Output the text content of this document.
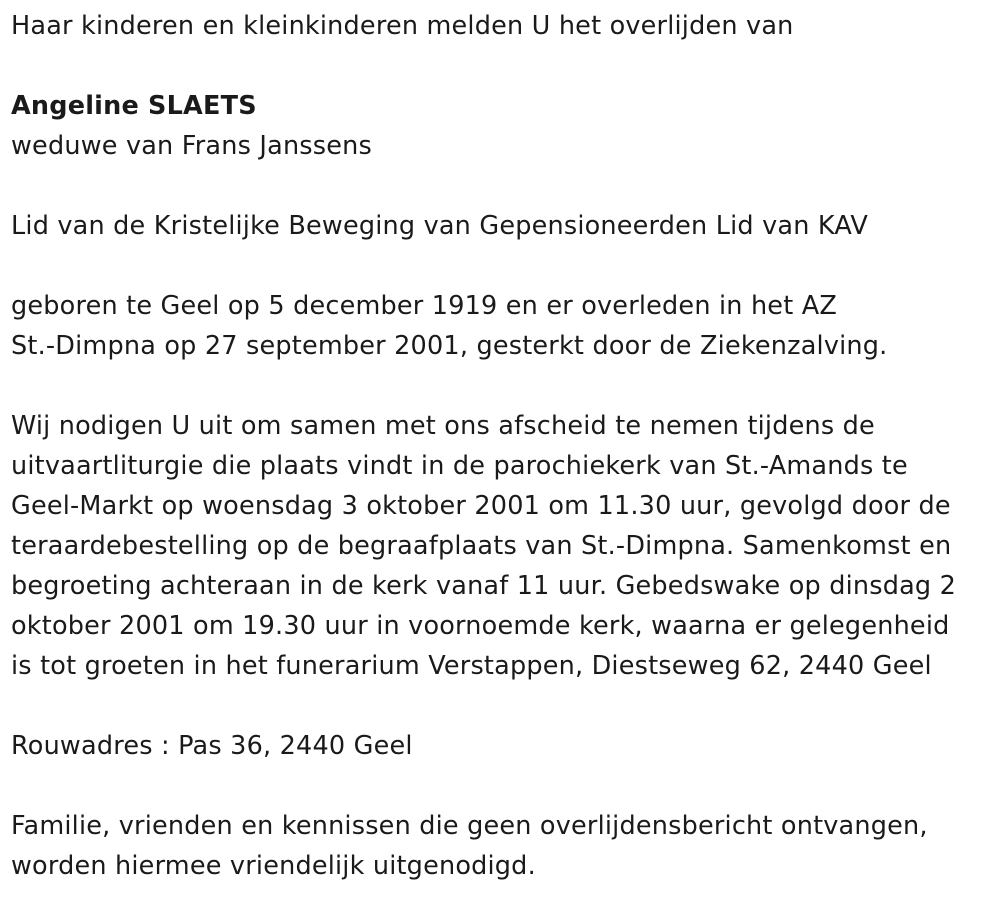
Haar kinderen en kleinkinderen melden U het overlijden van
Angeline SLAETS
weduwe van Frans Janssens
Lid van de Kristelijke Beweging van Gepensioneerden Lid van KAV
geboren te Geel op 5 december 1919 en er overleden in het AZ
St.-Dimpna op 27 september 2001, gesterkt door de Ziekenzalving.
Wij nodigen U uit om samen met ons afscheid te nemen tijdens de
uitvaartliturgie die plaats vindt in de parochiekerk van St.-Amands te
Geel-Markt op woensdag 3 oktober 2001 om 11.30 uur, gevolgd door de
teraardebestelling op de begraafplaats van St.-Dimpna. Samenkomst en
begroeting achteraan in de kerk vanaf 11 uur. Gebedswake op dinsdag 2
oktober 2001 om 19.30 uur in voornoemde kerk, waarna er gelegenheid
is tot groeten in het funerarium Verstappen, Diestseweg 62, 2440 Geel
Rouwadres : Pas 36, 2440 Geel
Familie, vrienden en kennissen die geen overlijdensbericht ontvangen,
worden hiermee vriendelijk uitgenodigd.
